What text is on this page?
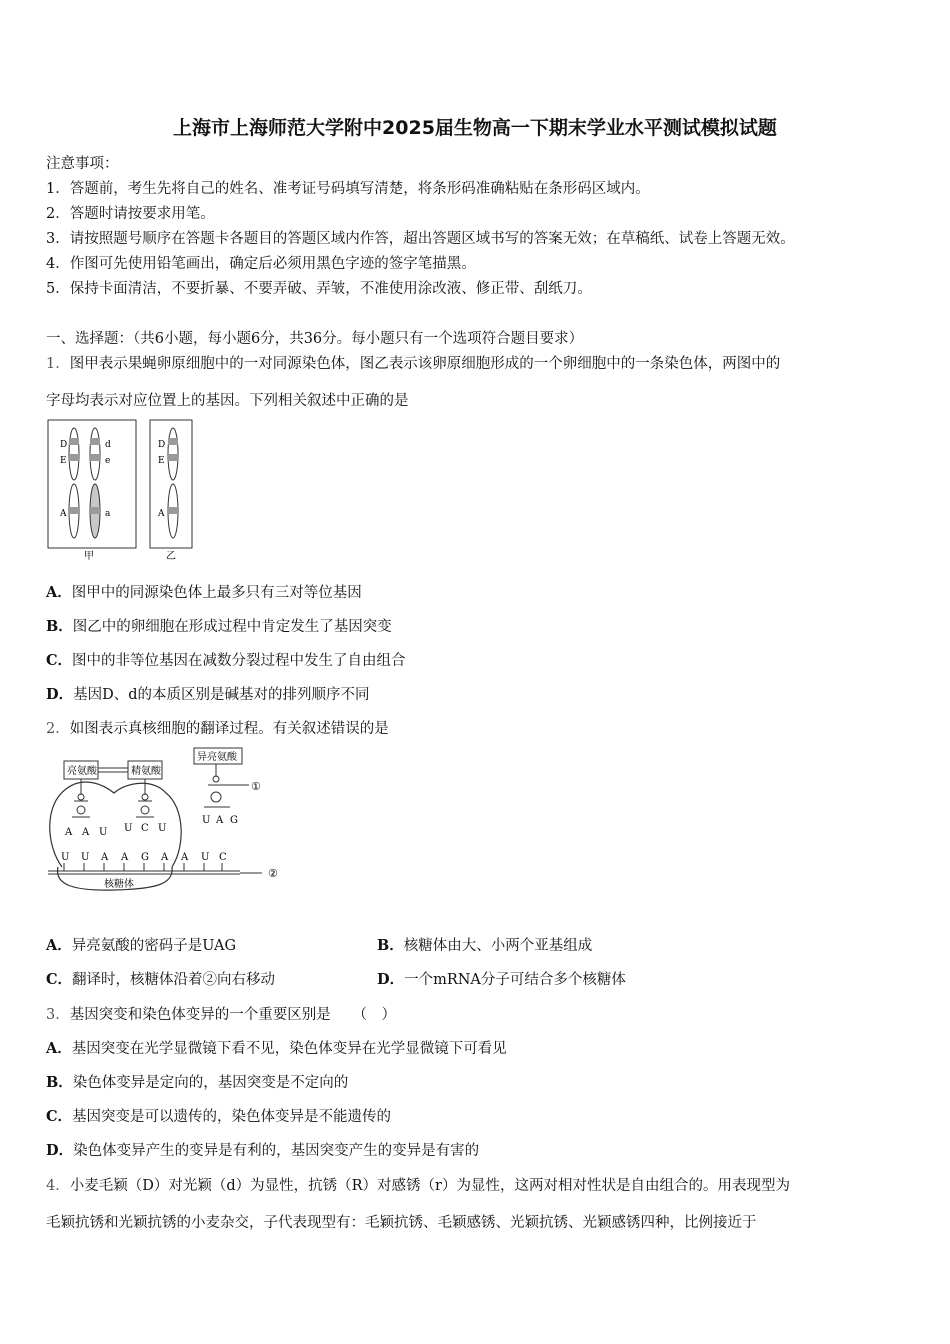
上海市上海师范大学附中2025届生物高一下期末学业水平测试模拟试题
注意事项：
1．答题前，考生先将自己的姓名、准考证号码填写清楚，将条形码准确粘贴在条形码区域内。
2．答题时请按要求用笔。
3．请按照题号顺序在答题卡各题目的答题区域内作答，超出答题区域书写的答案无效；在草稿纸、试卷上答题无效。
4．作图可先使用铅笔画出，确定后必须用黑色字迹的签字笔描黑。
5．保持卡面清洁，不要折暴、不要弄破、弄皱，不准使用涂改液、修正带、刮纸刀。
一、选择题：（共6小题，每小题6分，共36分。每小题只有一个选项符合题目要求）
1．图甲表示果蝇卵原细胞中的一对同源染色体，图乙表示该卵原细胞形成的一个卵细胞中的一条染色体，两图中的
字母均表示对应位置上的基因。下列相关叙述中正确的是
D
E
A
d
e
a
D
E
A
甲	乙
A．图甲中的同源染色体上最多只有三对等位基因
B．图乙中的卵细胞在形成过程中肯定发生了基因突变
C．图中的非等位基因在减数分裂过程中发生了自由组合
D．基因D、d的本质区别是碱基对的排列顺序不同
2．如图表示真核细胞的翻译过程。有关叙述错误的是
亮氨酸	精氨酸
异亮氨酸
①
A A U U C U
U A G
U U A A G A A U C
②
核糖体
A．异亮氨酸的密码子是UAG	B．核糖体由大、小两个亚基组成
C．翻译时，核糖体沿着②向右移动	D．一个mRNA分子可结合多个核糖体
3．基因突变和染色体变异的一个重要区别是　　（　）
A．基因突变在光学显微镜下看不见，染色体变异在光学显微镜下可看见
B．染色体变异是定向的，基因突变是不定向的
C．基因突变是可以遗传的，染色体变异是不能遗传的
D．染色体变异产生的变异是有利的，基因突变产生的变异是有害的
4．小麦毛颖（D）对光颖（d）为显性，抗锈（R）对感锈（r）为显性，这两对相对性状是自由组合的。用表现型为
毛颖抗锈和光颖抗锈的小麦杂交，子代表现型有：毛颖抗锈、毛颖感锈、光颖抗锈、光颖感锈四种，比例接近于
